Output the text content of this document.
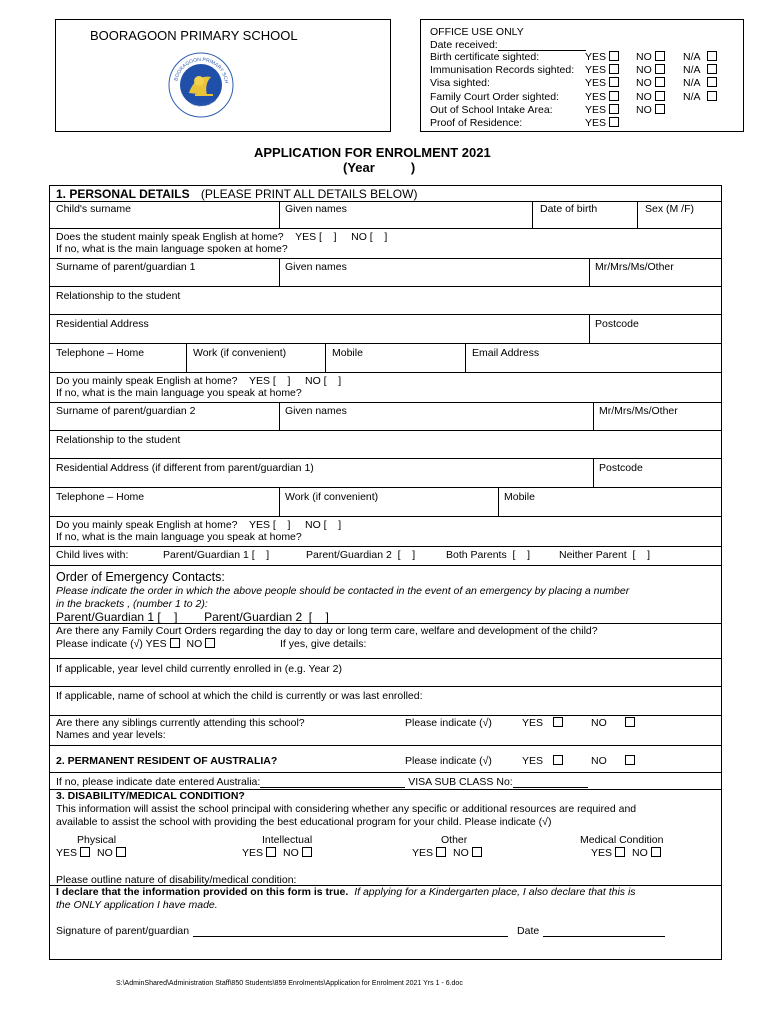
BOORAGOON PRIMARY SCHOOL
BOORAGOON PRIMARY SCH
BE SINCERE
OFFICE USE ONLY
Date received:
Birth certificate sighted:	YES	NO	N/A
Immunisation Records sighted: YES	NO	N/A
Visa sighted:	YES	NO	N/A
Family Court Order sighted: YES	NO	N/A
Out of School Intake Area:	YES	NO
Proof of Residence:	YES
APPLICATION FOR ENROLMENT 2021
(Year          )
1. PERSONAL DETAILS (PLEASE PRINT ALL DETAILS BELOW)
Child's surname	Given names	Date of birth	Sex (M /F)
Does the student mainly speak English at home?    YES [    ]     NO [    ]
If no, what is the main language spoken at home?
Surname of parent/guardian 1	Given names	Mr/Mrs/Ms/Other
Relationship to the student
Residential Address	Postcode
Telephone – Home	Work (if convenient)	Mobile	Email Address
Do you mainly speak English at home?    YES [    ]     NO [    ]
If no, what is the main language you speak at home?
Surname of parent/guardian 2	Given names	Mr/Mrs/Ms/Other
Relationship to the student
Residential Address (if different from parent/guardian 1)	Postcode
Telephone – Home	Work (if convenient)	Mobile
Do you mainly speak English at home?    YES [    ]     NO [    ]
If no, what is the main language you speak at home?
Child lives with:	Parent/Guardian 1 [    ]	Parent/Guardian 2  [    ]	Both Parents  [    ]	Neither Parent  [    ]
Order of Emergency Contacts:
Please indicate the order in which the above people should be contacted in the event of an emergency by placing a number
in the brackets , (number 1 to 2):
Parent/Guardian 1 [    ]        Parent/Guardian 2  [    ]
Are there any Family Court Orders regarding the day to day or long term care, welfare and development of the child?
Please indicate (√) YES NO	If yes, give details:
If applicable, year level child currently enrolled in (e.g. Year 2)
If applicable, name of school at which the child is currently or was last enrolled:
Are there any siblings currently attending this school?
Names and year levels:
Please indicate (√)	YES	NO
2. PERMANENT RESIDENT OF AUSTRALIA?	Please indicate (√)	YES	NO
If no, please indicate date entered Australia:	VISA SUB CLASS No:
3. DISABILITY/MEDICAL CONDITION?
This information will assist the school principal with considering whether any specific or additional resources are required and
available to assist the school with providing the best educational program for your child. Please indicate (√)
Physical
YES NO
Intellectual
YES NO
Other
YES NO
Medical Condition
YES NO
Please outline nature of disability/medical condition:
I declare that the information provided on this form is true. If applying for a Kindergarten place, I also declare that this is
the ONLY application I have made.
Signature of parent/guardian	Date
S:\AdminShared\Administration Staff\850 Students\859 Enrolments\Application for Enrolment 2021 Yrs 1 - 6.doc
